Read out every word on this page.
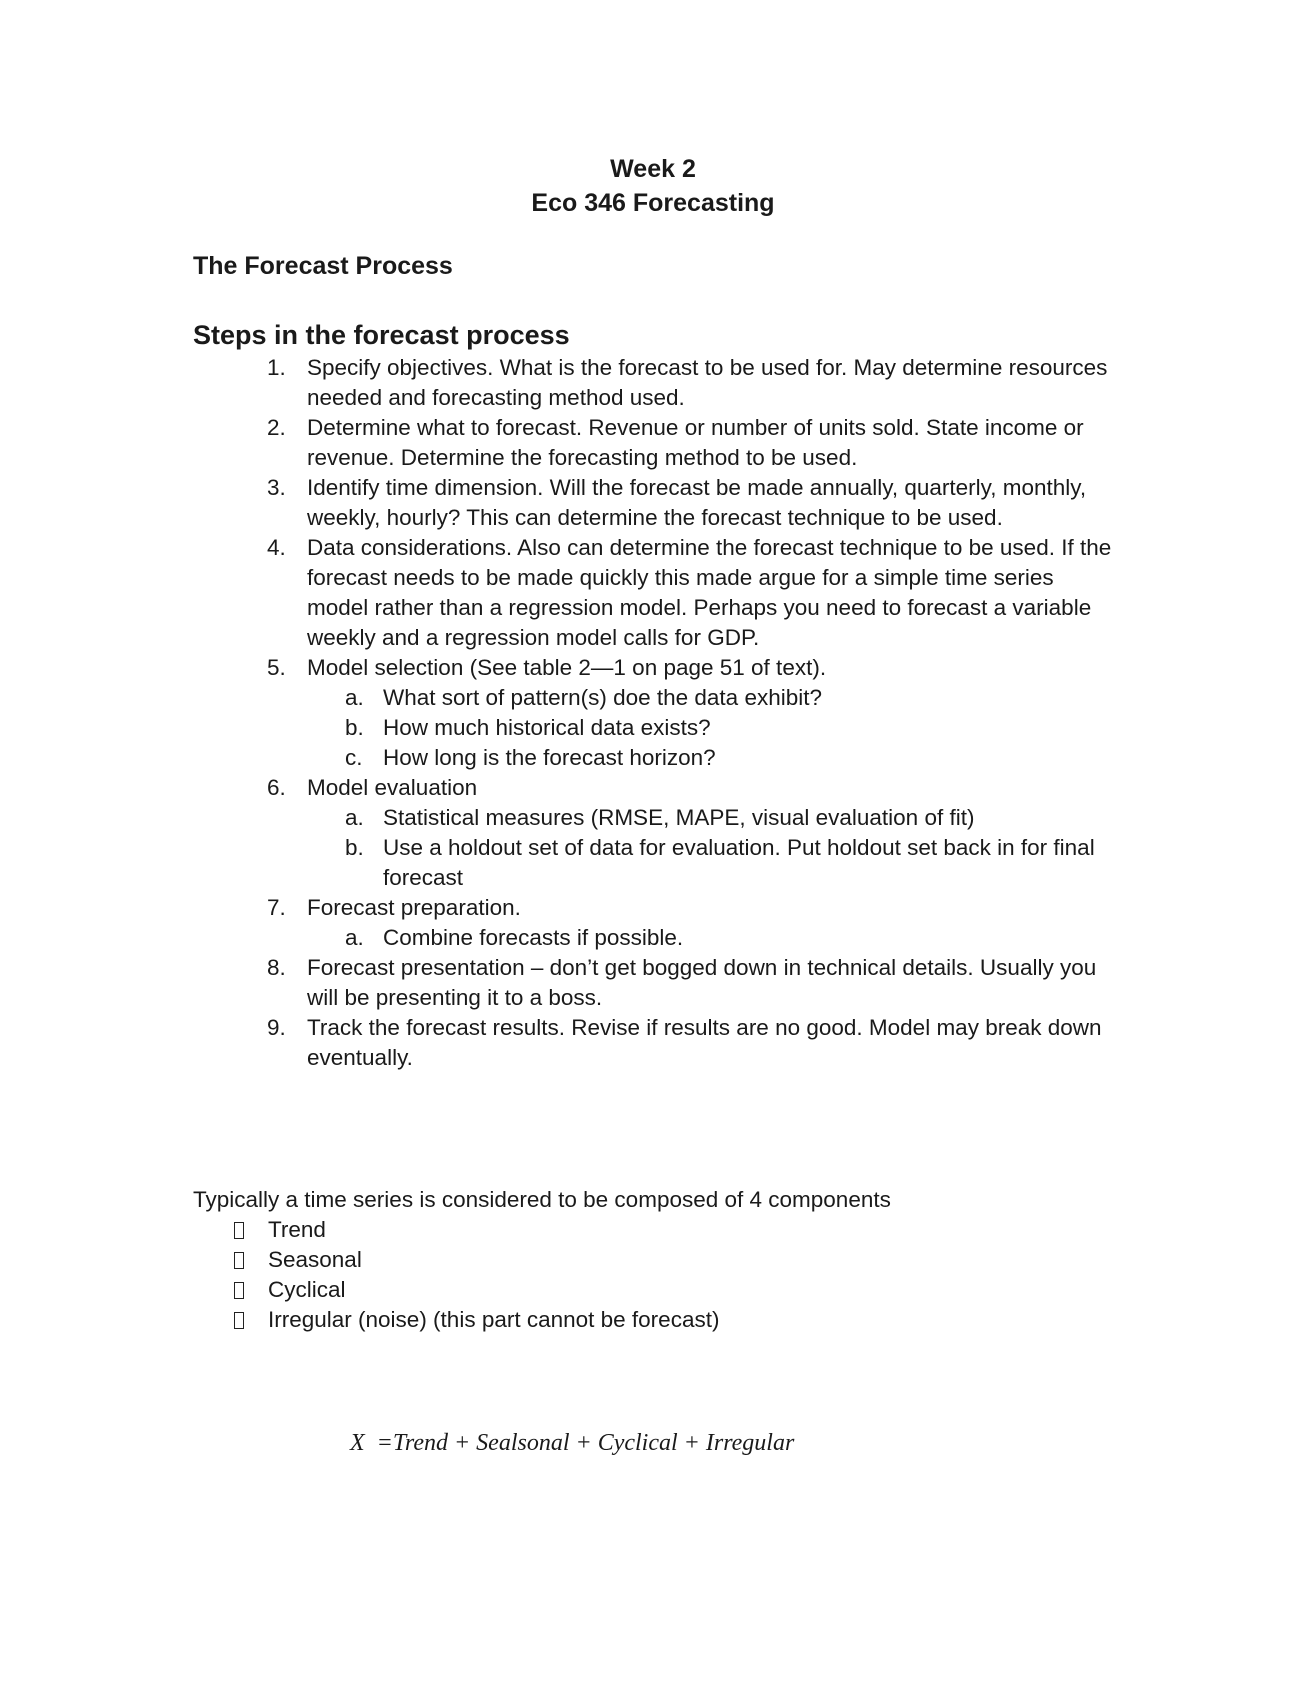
Week 2
Eco 346 Forecasting
The Forecast Process
Steps in the forecast process
1. Specify objectives. What is the forecast to be used for. May determine resources needed and forecasting method used.
2. Determine what to forecast. Revenue or number of units sold. State income or revenue. Determine the forecasting method to be used.
3. Identify time dimension. Will the forecast be made annually, quarterly, monthly, weekly, hourly? This can determine the forecast technique to be used.
4. Data considerations. Also can determine the forecast technique to be used. If the forecast needs to be made quickly this made argue for a simple time series model rather than a regression model. Perhaps you need to forecast a variable weekly and a regression model calls for GDP.
5. Model selection (See table 2—1 on page 51 of text).
a. What sort of pattern(s) doe the data exhibit?
b. How much historical data exists?
c. How long is the forecast horizon?
6. Model evaluation
a. Statistical measures (RMSE, MAPE, visual evaluation of fit)
b. Use a holdout set of data for evaluation. Put holdout set back in for final forecast
7. Forecast preparation.
a. Combine forecasts if possible.
8. Forecast presentation – don’t get bogged down in technical details. Usually you will be presenting it to a boss.
9. Track the forecast results. Revise if results are no good. Model may break down eventually.

Typically a time series is considered to be composed of 4 components

Trend
Seasonal
Cyclical
Irregular (noise) (this part cannot be forecast)
X  =Trend + Sealsonal + Cyclical + Irregular
